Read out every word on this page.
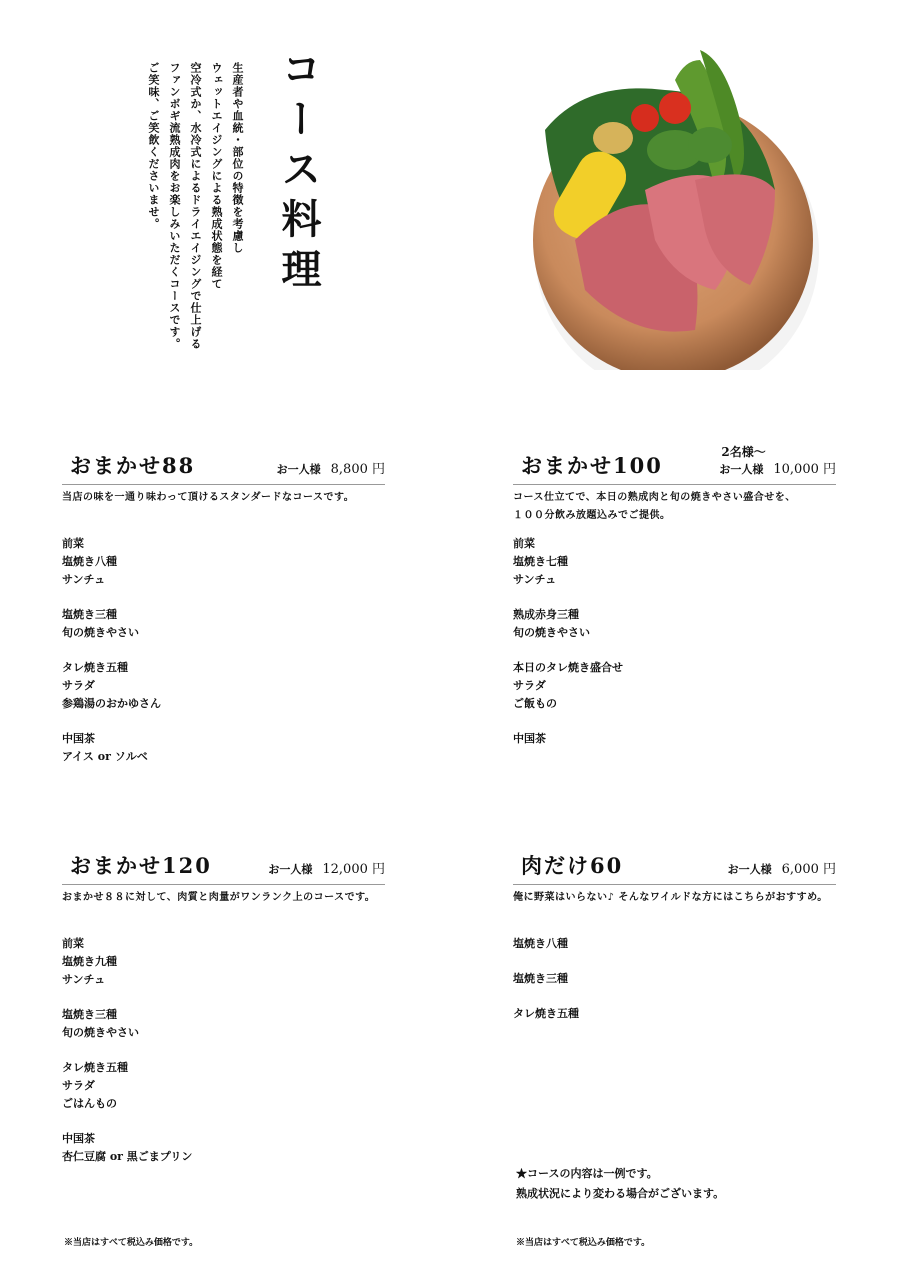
コース料理
生産者や血統・部位の特徴を考慮し
ウェットエイジングによる熟成状態を経て
空冷式か、水冷式によるドライエイジングで仕上げる
ファンボギ流熟成肉をお楽しみいただくコースです。
ご笑味、ご笑飲くださいませ。
おまかせ88	お一人様 8,800 円
当店の味を一通り味わって頂けるスタンダードなコースです。
前菜
塩焼き八種
サンチュ
塩焼き三種
旬の焼きやさい
タレ焼き五種
サラダ
参鶏湯のおかゆさん
中国茶
アイス or ソルベ
おまかせ100
2名様～
お一人様 10,000 円
コース仕立てで、本日の熟成肉と旬の焼きやさい盛合せを、
１００分飲み放題込みでご提供。
前菜
塩焼き七種
サンチュ
熟成赤身三種
旬の焼きやさい
本日のタレ焼き盛合せ
サラダ
ご飯もの
中国茶
おまかせ120	お一人様 12,000 円
おまかせ８８に対して、肉質と肉量がワンランク上のコースです。
前菜
塩焼き九種
サンチュ
塩焼き三種
旬の焼きやさい
タレ焼き五種
サラダ
ごはんもの
中国茶
杏仁豆腐 or 黒ごまプリン
肉だけ60	お一人様 6,000 円
俺に野菜はいらない♪ そんなワイルドな方にはこちらがおすすめ。
塩焼き八種
塩焼き三種
タレ焼き五種
★コースの内容は一例です。
熟成状況により変わる場合がございます。
※当店はすべて税込み価格です。	※当店はすべて税込み価格です。
